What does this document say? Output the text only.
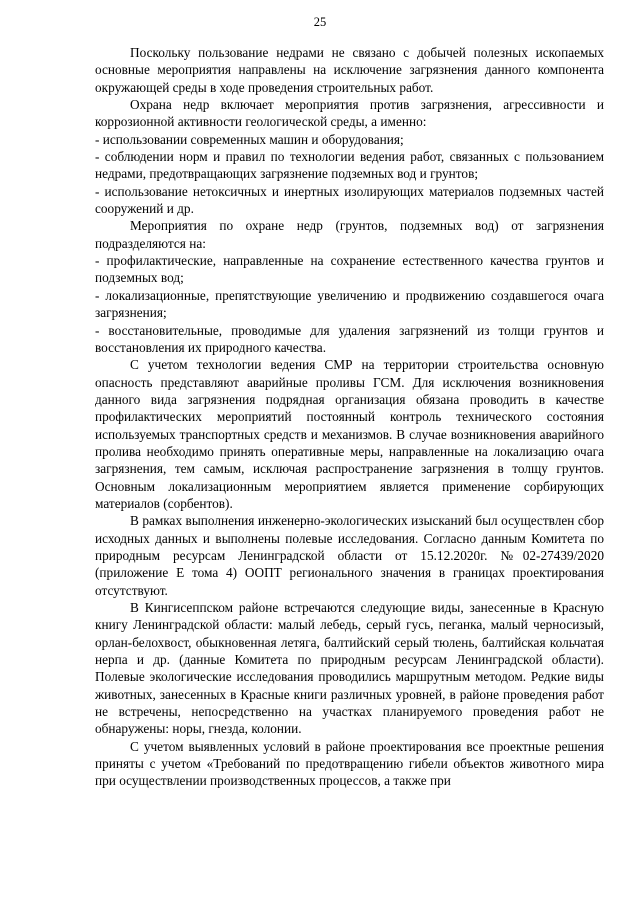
25

Поскольку пользование недрами не связано с добычей полезных ископаемых основные мероприятия направлены на исключение загрязнения данного компонента окружающей среды в ходе проведения строительных работ.

Охрана недр включает мероприятия против загрязнения, агрессивности и коррозионной активности геологической среды, а именно:

- использовании современных машин и оборудования;

- соблюдении норм и правил по технологии ведения работ, связанных с пользованием недрами, предотвращающих загрязнение подземных вод и грунтов;

- использование нетоксичных и инертных изолирующих материалов подземных частей сооружений и др.

Мероприятия по охране недр (грунтов, подземных вод) от загрязнения подразделяются на:

- профилактические, направленные на сохранение естественного качества грунтов и подземных вод;

- локализационные, препятствующие увеличению и продвижению создавшегося очага загрязнения;

- восстановительные, проводимые для удаления загрязнений из толщи грунтов и восстановления их природного качества.

С учетом технологии ведения СМР на территории строительства основную опасность представляют аварийные проливы ГСМ. Для исключения возникновения данного вида загрязнения подрядная организация обязана проводить в качестве профилактических мероприятий постоянный контроль технического состояния используемых транспортных средств и механизмов. В случае возникновения аварийного пролива необходимо принять оперативные меры, направленные на локализацию очага загрязнения, тем самым, исключая распространение загрязнения в толщу грунтов. Основным локализационным мероприятием является применение сорбирующих материалов (сорбентов).

В рамках выполнения инженерно-экологических изысканий был осуществлен сбор исходных данных и выполнены полевые исследования. Согласно данным Комитета по природным ресурсам Ленинградской области от 15.12.2020г. №02-27439/2020 (приложение Е тома 4) ООПТ регионального значения в границах проектирования отсутствуют.

В Кингисеппском районе встречаются следующие виды, занесенные в Красную книгу Ленинградской области: малый лебедь, серый гусь, пеганка, малый черносизый, орлан-белохвост, обыкновенная летяга, балтийский серый тюлень, балтийская кольчатая нерпа и др. (данные Комитета по природным ресурсам Ленинградской области). Полевые экологические исследования проводились маршрутным методом. Редкие виды животных, занесенных в Красные книги различных уровней, в районе проведения работ не встречены, непосредственно на участках планируемого проведения работ не обнаружены: норы, гнезда, колонии.

С учетом выявленных условий в районе проектирования все проектные решения приняты с учетом «Требований по предотвращению гибели объектов животного мира при осуществлении производственных процессов, а также при
